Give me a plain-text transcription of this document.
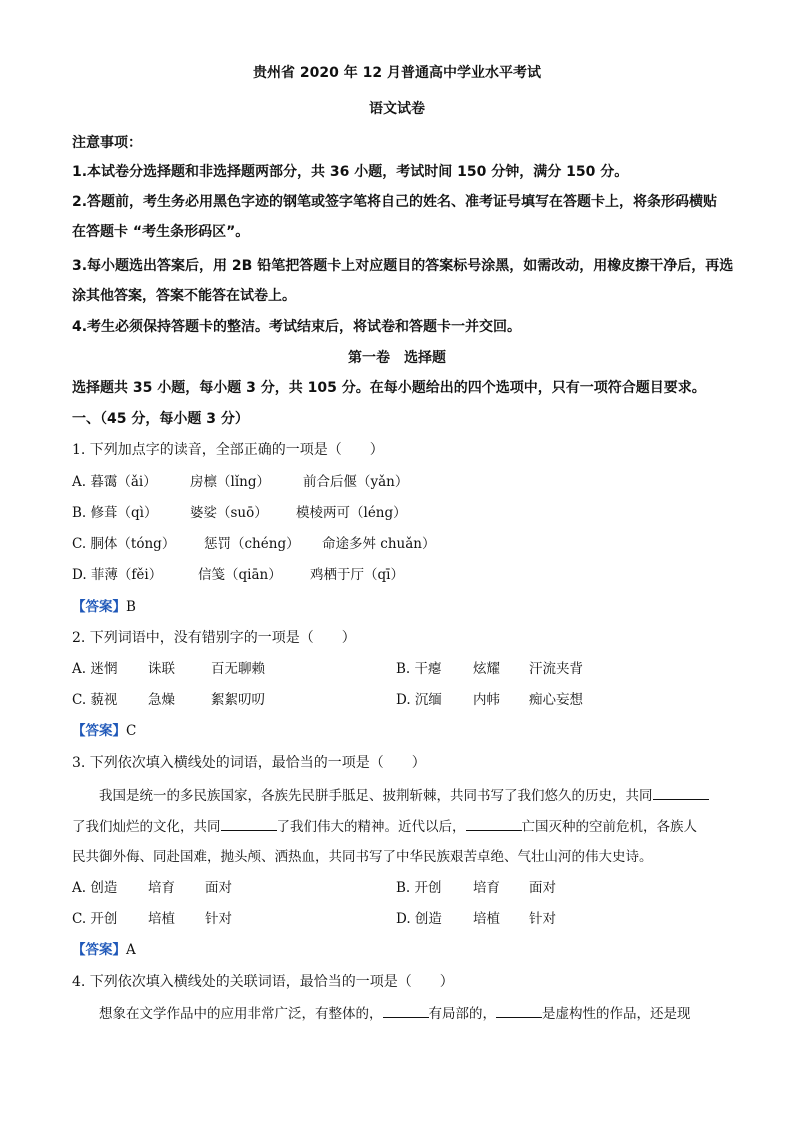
贵州省 2020 年 12 月普通高中学业水平考试
语文试卷
注意事项：
1.本试卷分选择题和非选择题两部分，共 36 小题，考试时间 150 分钟，满分 150 分。
2.答题前，考生务必用黑色字迹的钢笔或签字笔将自己的姓名、准考证号填写在答题卡上，将条形码横贴
在答题卡 “考生条形码区”。
3.每小题选出答案后，用 2B 铅笔把答题卡上对应题目的答案标号涂黑，如需改动，用橡皮擦干净后，再选
涂其他答案，答案不能答在试卷上。
4.考生必须保持答题卡的整洁。考试结束后，将试卷和答题卡一并交回。
第一卷　选择题
选择题共 35 小题，每小题 3 分，共 105 分。在每小题给出的四个选项中，只有一项符合题目要求。
一、（45 分，每小题 3 分）
1. 下列加点字的读音，全部正确的一项是（　　）
A. 暮霭（ǎi） 房檩（lǐng） 前合后偃（yǎn）
B. 修葺（qì） 婆娑（suō） 模棱两可（léng）
C. 胴体（tóng） 惩罚（chéng） 命途多舛 chuǎn）
D. 菲薄（fěi）	信笺（qiān） 鸡栖于厅（qī）
【答案】B
2. 下列词语中，没有错别字的一项是（　　）
A. 迷惘 诛联	百无聊赖	B. 干瘪 炫耀 汗流夹背
C. 藐视 急燥	絮絮叨叨	D. 沉缅 内帏 痴心妄想
【答案】C
3. 下列依次填入横线处的词语，最恰当的一项是（　　）
我国是统一的多民族国家，各族先民胼手胝足、披荆斩棘，共同书写了我们悠久的历史，共同
了我们灿烂的文化，共同	了我们伟大的精神。近代以后，	亡国灭种的空前危机，各族人
民共御外侮、同赴国难，抛头颅、洒热血，共同书写了中华民族艰苦卓绝、气壮山河的伟大史诗。
A. 创造 培育 面对	B. 开创 培育 面对
C. 开创 培植 针对	D. 创造 培植 针对
【答案】A
4. 下列依次填入横线处的关联词语，最恰当的一项是（　　）
想象在文学作品中的应用非常广泛，有整体的，	有局部的，	是虚构性的作品，还是现
